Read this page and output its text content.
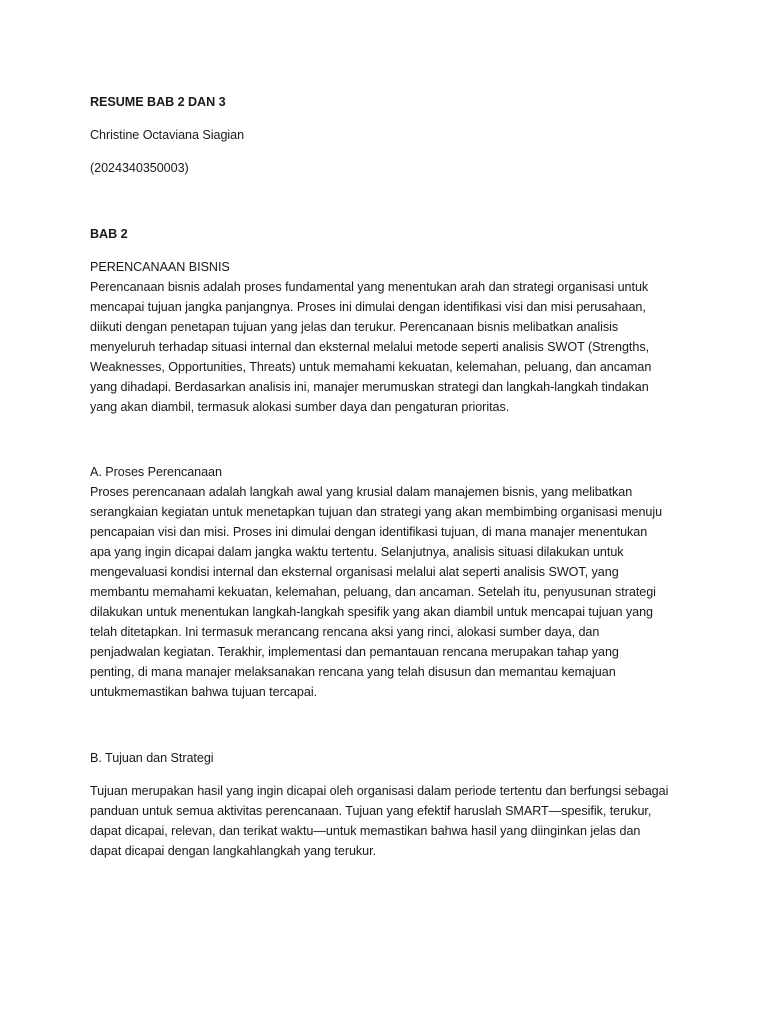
RESUME BAB 2 DAN 3
Christine Octaviana Siagian
(2024340350003)
BAB 2
PERENCANAAN BISNIS
Perencanaan bisnis adalah proses fundamental yang menentukan arah dan strategi organisasi untuk
mencapai tujuan jangka panjangnya. Proses ini dimulai dengan identifikasi visi dan misi perusahaan,
diikuti dengan penetapan tujuan yang jelas dan terukur. Perencanaan bisnis melibatkan analisis
menyeluruh terhadap situasi internal dan eksternal melalui metode seperti analisis SWOT (Strengths,
Weaknesses, Opportunities, Threats) untuk memahami kekuatan, kelemahan, peluang, dan ancaman
yang dihadapi. Berdasarkan analisis ini, manajer merumuskan strategi dan langkah-langkah tindakan
yang akan diambil, termasuk alokasi sumber daya dan pengaturan prioritas.
A. Proses Perencanaan
Proses perencanaan adalah langkah awal yang krusial dalam manajemen bisnis, yang melibatkan
serangkaian kegiatan untuk menetapkan tujuan dan strategi yang akan membimbing organisasi menuju
pencapaian visi dan misi. Proses ini dimulai dengan identifikasi tujuan, di mana manajer menentukan
apa yang ingin dicapai dalam jangka waktu tertentu. Selanjutnya, analisis situasi dilakukan untuk
mengevaluasi kondisi internal dan eksternal organisasi melalui alat seperti analisis SWOT, yang
membantu memahami kekuatan, kelemahan, peluang, dan ancaman. Setelah itu, penyusunan strategi
dilakukan untuk menentukan langkah-langkah spesifik yang akan diambil untuk mencapai tujuan yang
telah ditetapkan. Ini termasuk merancang rencana aksi yang rinci, alokasi sumber daya, dan
penjadwalan kegiatan. Terakhir, implementasi dan pemantauan rencana merupakan tahap yang
penting, di mana manajer melaksanakan rencana yang telah disusun dan memantau kemajuan
untukmemastikan bahwa tujuan tercapai.
B. Tujuan dan Strategi
Tujuan merupakan hasil yang ingin dicapai oleh organisasi dalam periode tertentu dan berfungsi sebagai
panduan untuk semua aktivitas perencanaan. Tujuan yang efektif haruslah SMART—spesifik, terukur,
dapat dicapai, relevan, dan terikat waktu—untuk memastikan bahwa hasil yang diinginkan jelas dan
dapat dicapai dengan langkahlangkah yang terukur.
